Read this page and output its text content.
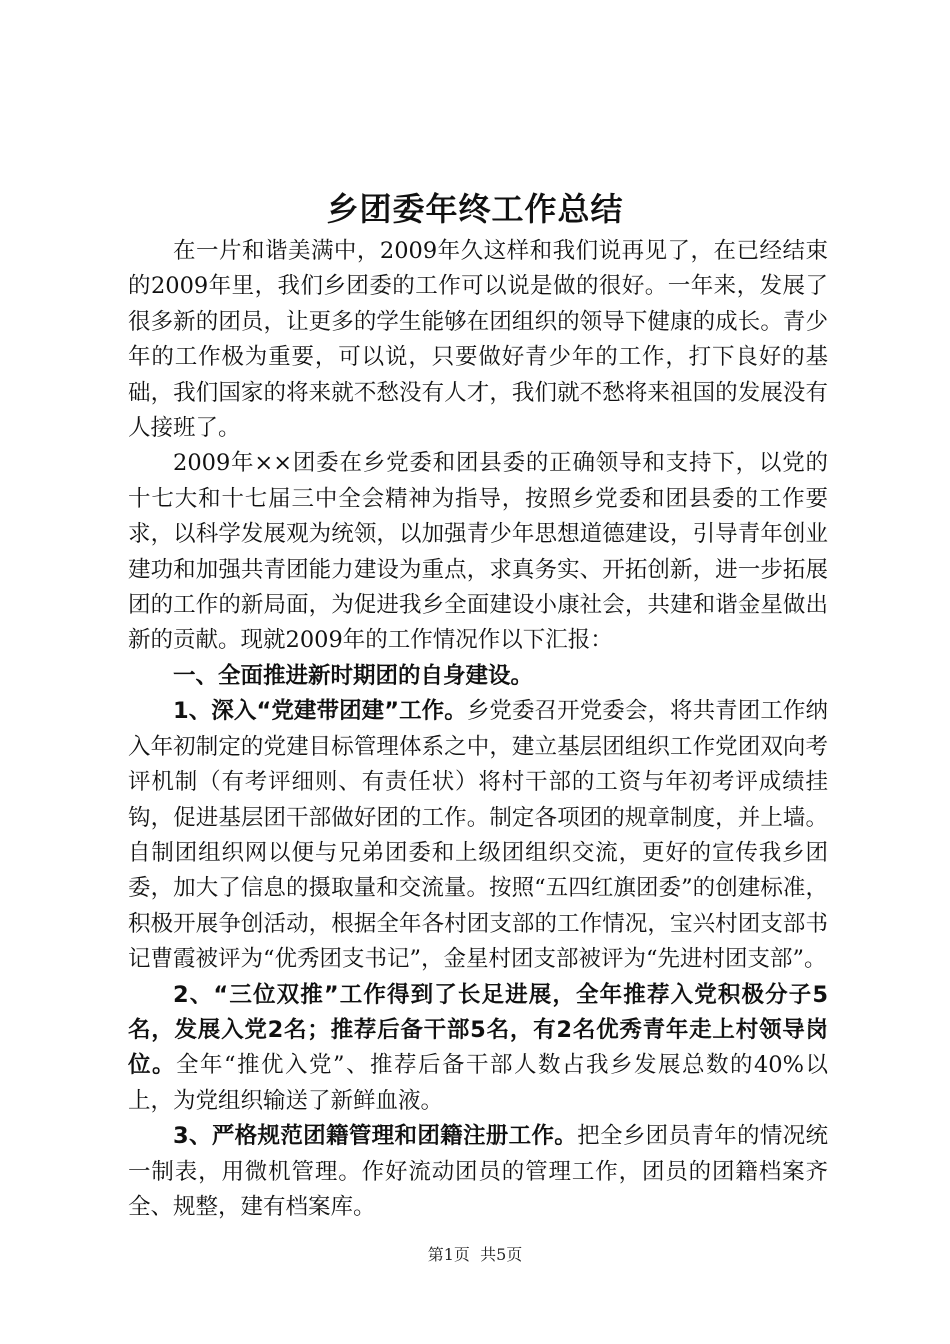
乡团委年终工作总结

在一片和谐美满中，2009年久这样和我们说再见了，在已经结束的2009年里，我们乡团委的工作可以说是做的很好。一年来，发展了很多新的团员，让更多的学生能够在团组织的领导下健康的成长。青少年的工作极为重要，可以说，只要做好青少年的工作，打下良好的基础，我们国家的将来就不愁没有人才，我们就不愁将来祖国的发展没有人接班了。

2009年××团委在乡党委和团县委的正确领导和支持下，以党的十七大和十七届三中全会精神为指导，按照乡党委和团县委的工作要求，以科学发展观为统领，以加强青少年思想道德建设，引导青年创业建功和加强共青团能力建设为重点，求真务实、开拓创新，进一步拓展团的工作的新局面，为促进我乡全面建设小康社会，共建和谐金星做出新的贡献。现就2009年的工作情况作以下汇报：

一、全面推进新时期团的自身建设。

1、深入“党建带团建”工作。乡党委召开党委会，将共青团工作纳入年初制定的党建目标管理体系之中，建立基层团组织工作党团双向考评机制（有考评细则、有责任状）将村干部的工资与年初考评成绩挂钩，促进基层团干部做好团的工作。制定各项团的规章制度，并上墙。自制团组织网以便与兄弟团委和上级团组织交流，更好的宣传我乡团委，加大了信息的摄取量和交流量。按照“五四红旗团委”的创建标准，积极开展争创活动，根据全年各村团支部的工作情况，宝兴村团支部书记曹霞被评为“优秀团支书记”，金星村团支部被评为“先进村团支部”。

2、“三位双推”工作得到了长足进展，全年推荐入党积极分子5名，发展入党2名；推荐后备干部5名，有2名优秀青年走上村领导岗位。全年“推优入党”、推荐后备干部人数占我乡发展总数的40%以上，为党组织输送了新鲜血液。

3、严格规范团籍管理和团籍注册工作。把全乡团员青年的情况统一制表，用微机管理。作好流动团员的管理工作，团员的团籍档案齐全、规整，建有档案库。

第1页 共5页
